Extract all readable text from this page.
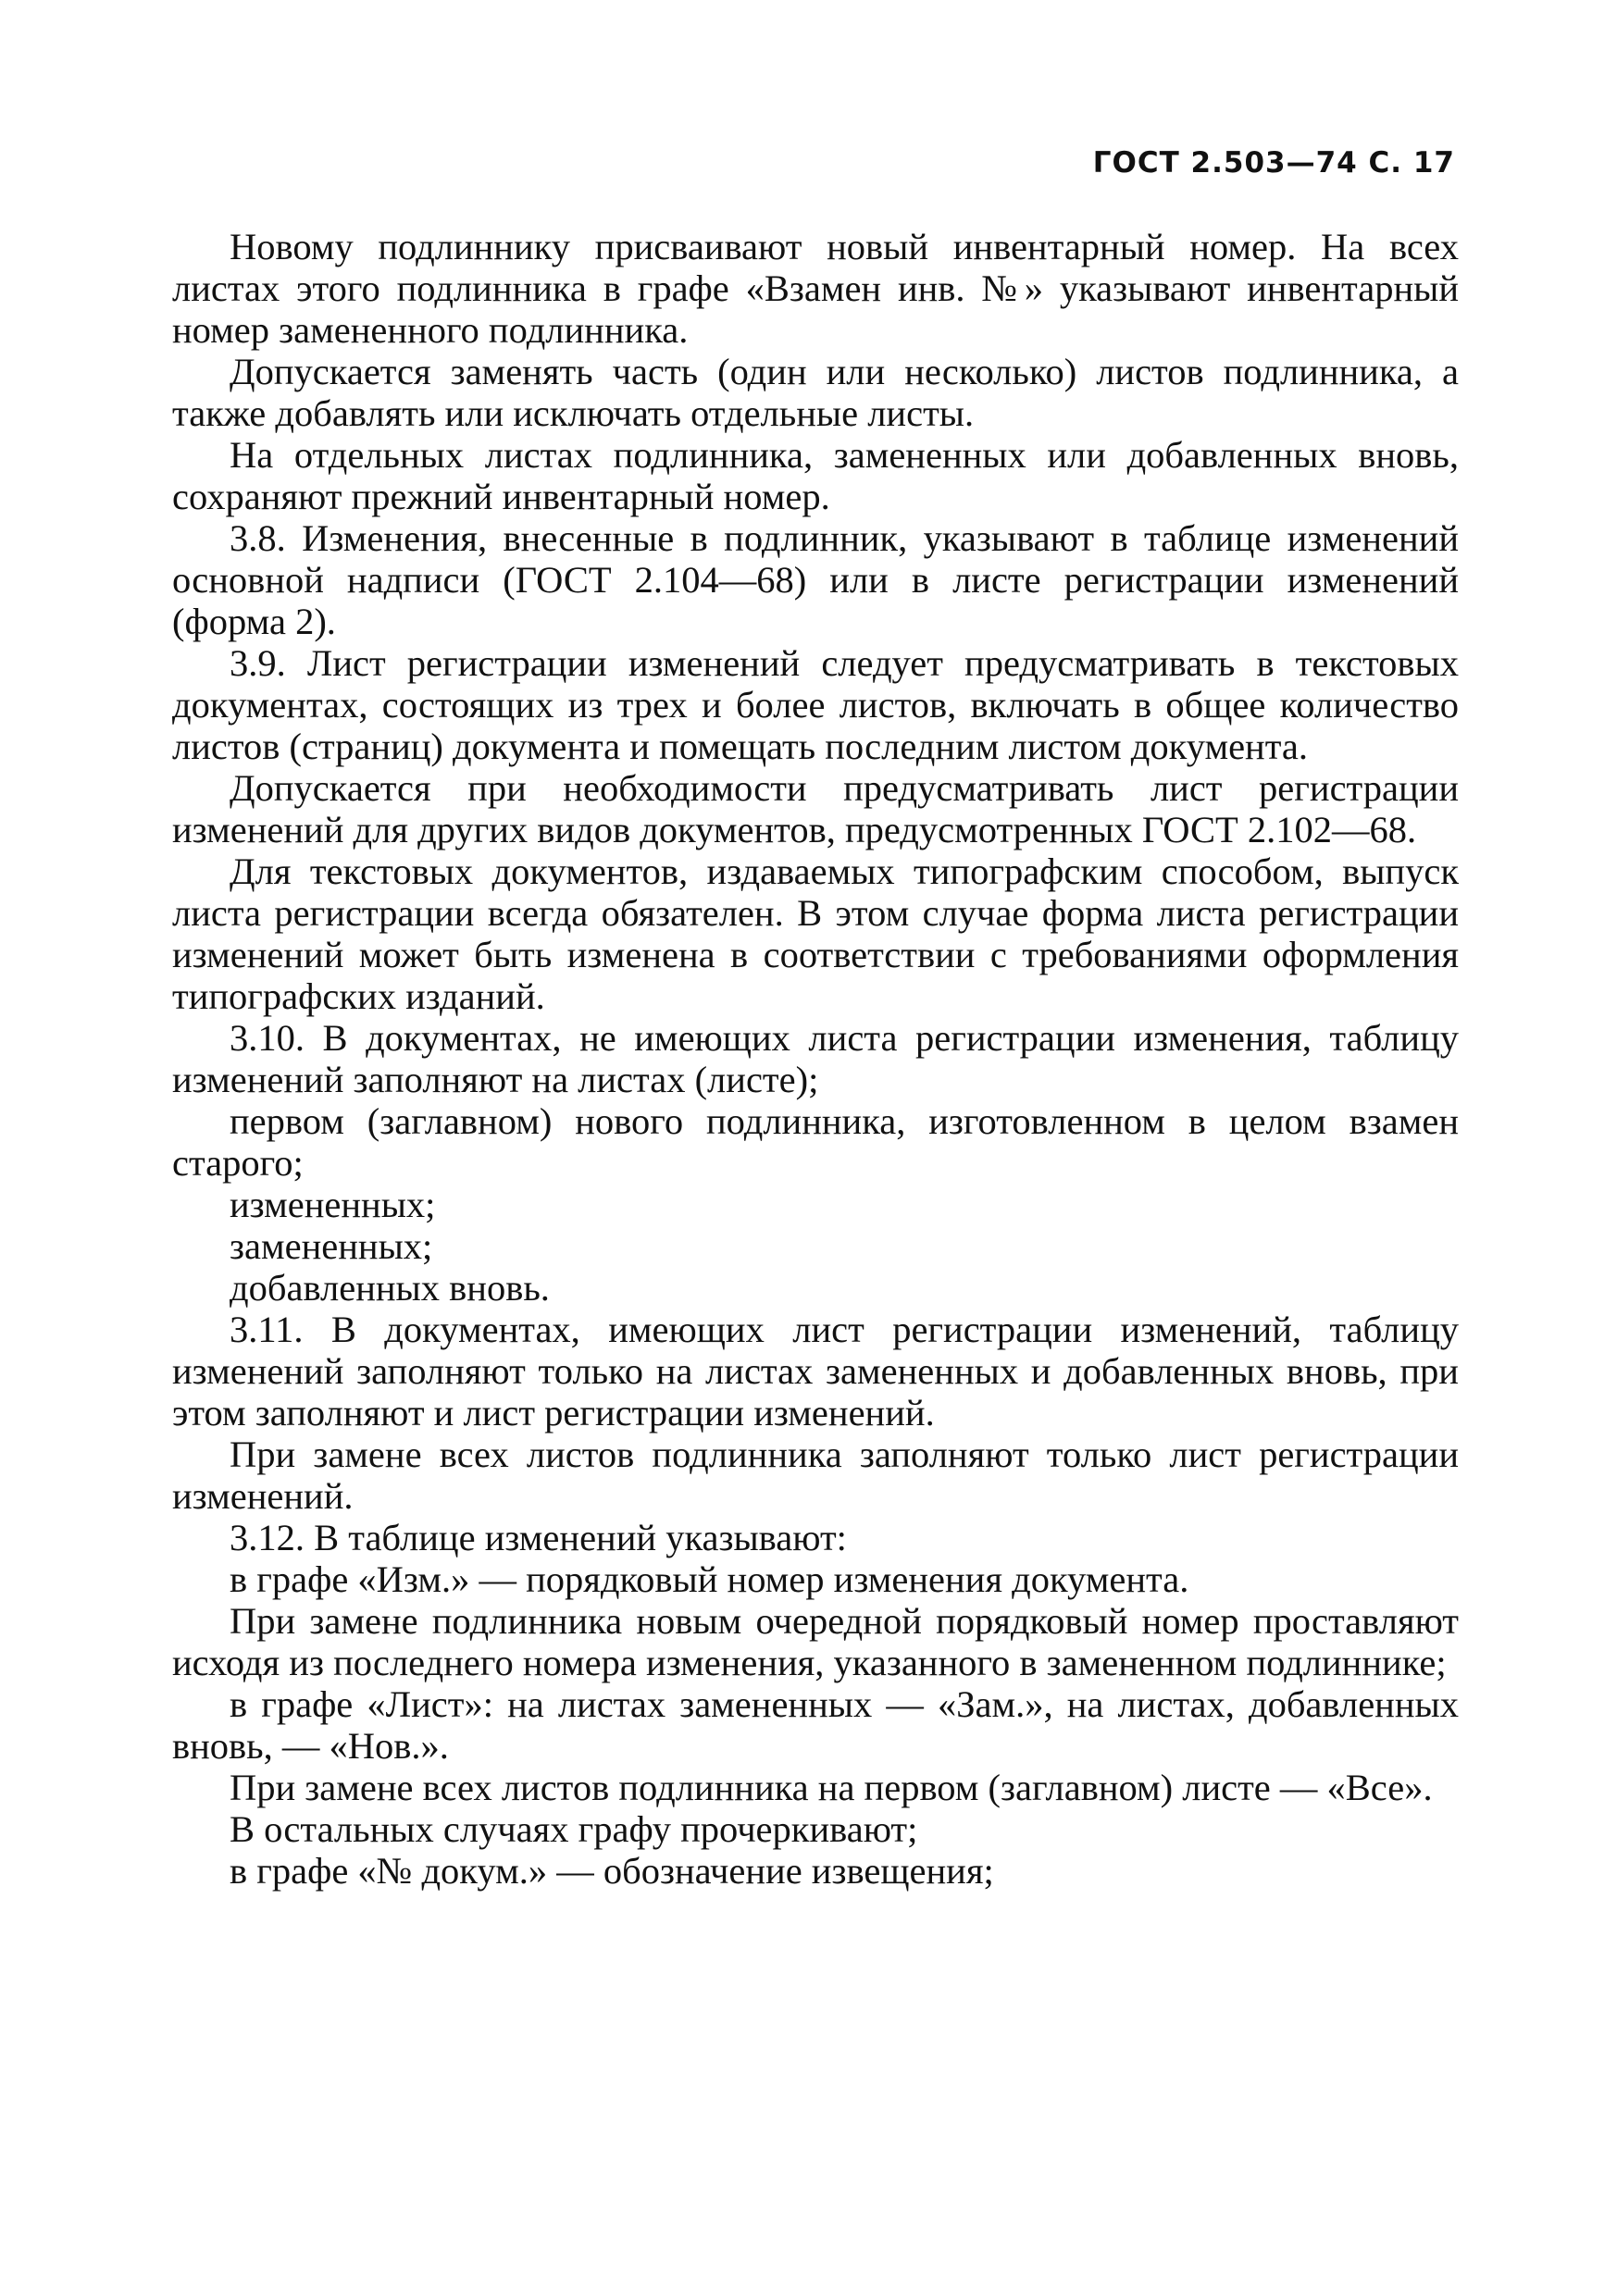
ГОСТ 2.503—74 С. 17

Новому подлиннику присваивают новый инвентарный номер. На всех листах этого подлинника в графе «Взамен инв. №» указывают инвентарный номер замененного подлинника.

Допускается заменять часть (один или несколько) листов подлинника, а также добавлять или исключать отдельные листы.

На отдельных листах подлинника, замененных или добавленных вновь, сохраняют прежний инвентарный номер.

3.8. Изменения, внесенные в подлинник, указывают в таблице изменений основной надписи (ГОСТ 2.104—68) или в листе регистрации изменений (форма 2).

3.9. Лист регистрации изменений следует предусматривать в текстовых документах, состоящих из трех и более листов, включать в общее количество листов (страниц) документа и помещать последним листом документа.

Допускается при необходимости предусматривать лист регистрации изменений для других видов документов, предусмотренных ГОСТ 2.102—68.

Для текстовых документов, издаваемых типографским способом, выпуск листа регистрации всегда обязателен. В этом случае форма листа регистрации изменений может быть изменена в соответствии с требованиями оформления типографских изданий.

3.10. В документах, не имеющих листа регистрации изменения, таблицу изменений заполняют на листах (листе);

первом (заглавном) нового подлинника, изготовленном в целом взамен старого;

измененных;

замененных;

добавленных вновь.

3.11. В документах, имеющих лист регистрации изменений, таблицу изменений заполняют только на листах замененных и добавленных вновь, при этом заполняют и лист регистрации изменений.

При замене всех листов подлинника заполняют только лист регистрации изменений.

3.12. В таблице изменений указывают:

в графе «Изм.» — порядковый номер изменения документа.

При замене подлинника новым очередной порядковый номер проставляют исходя из последнего номера изменения, указанного в замененном подлиннике;

в графе «Лист»: на листах замененных — «Зам.», на листах, добавленных вновь, — «Нов.».

При замене всех листов подлинника на первом (заглавном) листе — «Все».

В остальных случаях графу прочеркивают;

в графе «№ докум.» — обозначение извещения;
